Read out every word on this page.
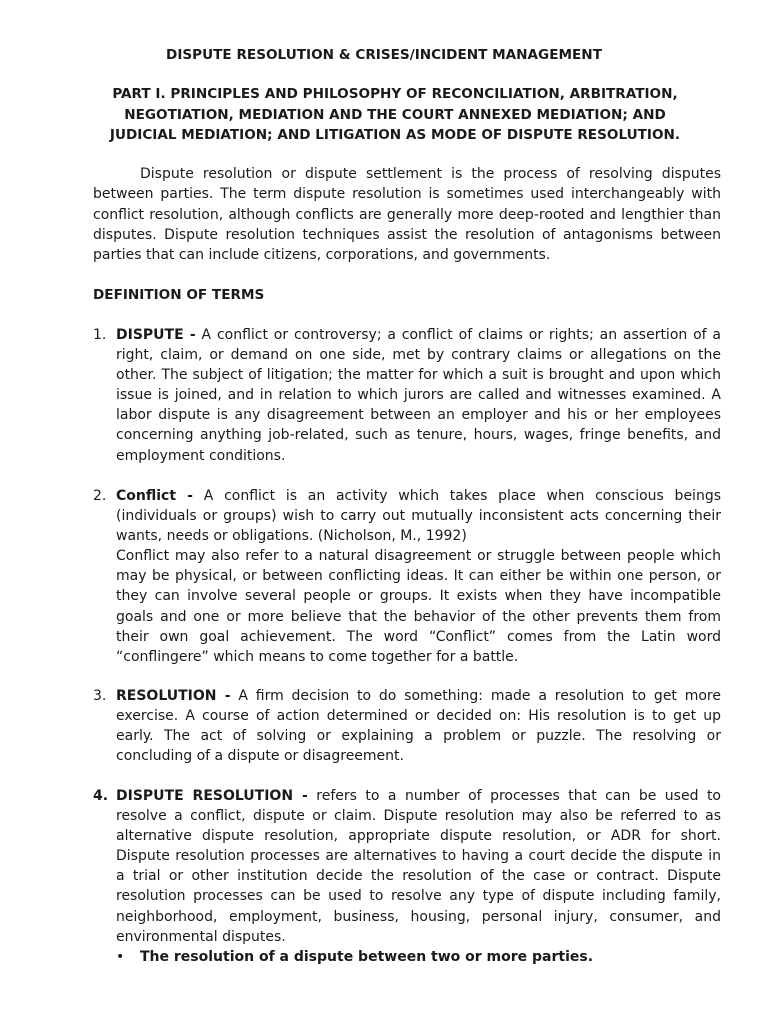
DISPUTE RESOLUTION & CRISES/INCIDENT MANAGEMENT
PART I. PRINCIPLES AND PHILOSOPHY OF RECONCILIATION, ARBITRATION, NEGOTIATION, MEDIATION AND THE COURT ANNEXED MEDIATION; AND JUDICIAL MEDIATION; AND LITIGATION AS MODE OF DISPUTE RESOLUTION.

Dispute resolution or dispute settlement is the process of resolving disputes between parties. The term dispute resolution is sometimes used interchangeably with conflict resolution, although conflicts are generally more deep-rooted and lengthier than disputes. Dispute resolution techniques assist the resolution of antagonisms between parties that can include citizens, corporations, and governments.

DEFINITION OF TERMS
1. DISPUTE - A conflict or controversy; a conflict of claims or rights; an assertion of a right, claim, or demand on one side, met by contrary claims or allegations on the other. The subject of litigation; the matter for which a suit is brought and upon which issue is joined, and in relation to which jurors are called and witnesses examined. A labor dispute is any disagreement between an employer and his or her employees concerning anything job-related, such as tenure, hours, wages, fringe benefits, and employment conditions.

2. Conflict - A conflict is an activity which takes place when conscious beings (individuals or groups) wish to carry out mutually inconsistent acts concerning their wants, needs or obligations. (Nicholson, M., 1992)

Conflict may also refer to a natural disagreement or struggle between people which may be physical, or between conflicting ideas. It can either be within one person, or they can involve several people or groups. It exists when they have incompatible goals and one or more believe that the behavior of the other prevents them from their own goal achievement. The word “Conflict” comes from the Latin word “conflingere” which means to come together for a battle.

3. RESOLUTION - A firm decision to do something: made a resolution to get more exercise. A course of action determined or decided on: His resolution is to get up early. The act of solving or explaining a problem or puzzle. The resolving or concluding of a dispute or disagreement.

4. DISPUTE RESOLUTION - refers to a number of processes that can be used to resolve a conflict, dispute or claim. Dispute resolution may also be referred to as alternative dispute resolution, appropriate dispute resolution, or ADR for short. Dispute resolution processes are alternatives to having a court decide the dispute in a trial or other institution decide the resolution of the case or contract. Dispute resolution processes can be used to resolve any type of dispute including family, neighborhood, employment, business, housing, personal injury, consumer, and environmental disputes.

• The resolution of a dispute between two or more parties.
